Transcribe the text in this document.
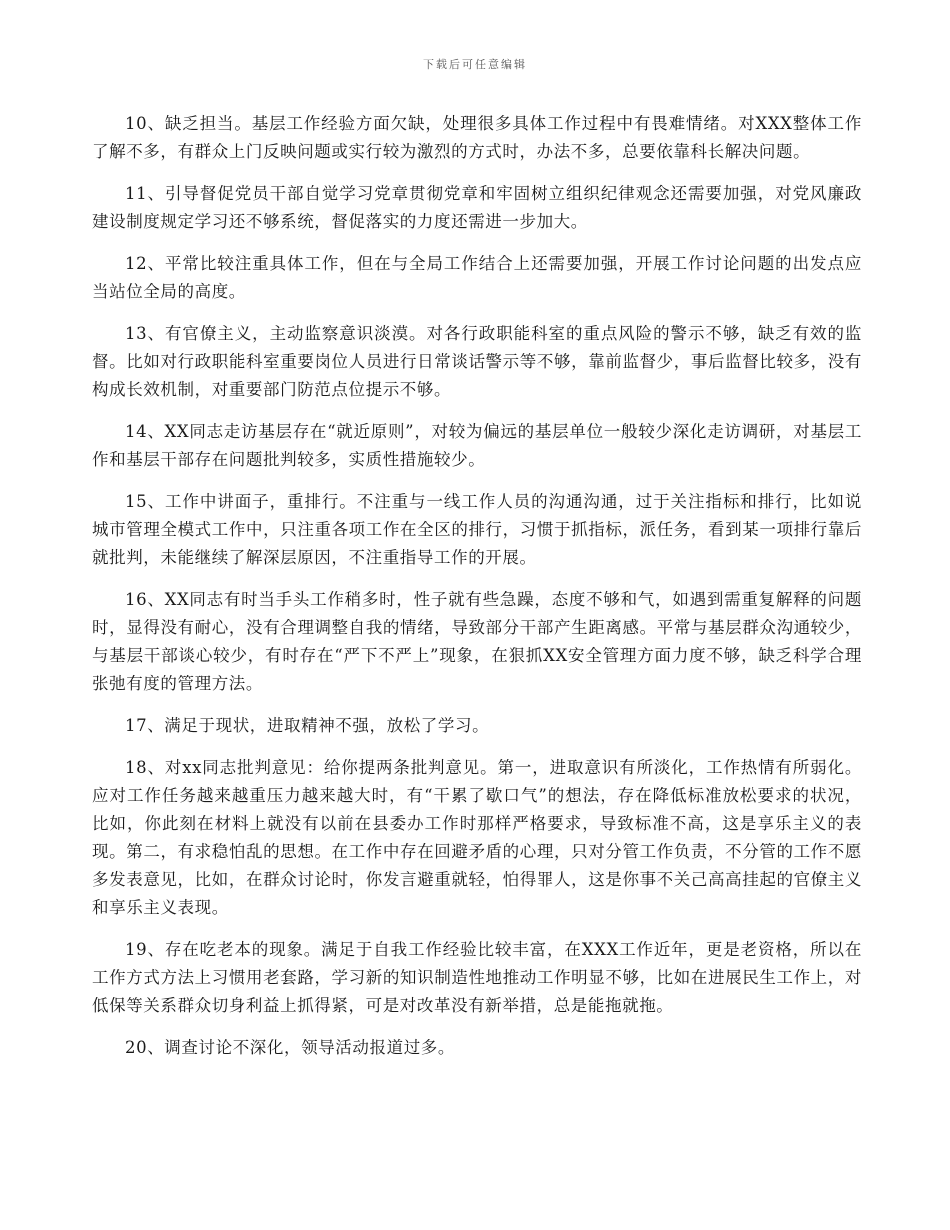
下载后可任意编辑

10、缺乏担当。基层工作经验方面欠缺，处理很多具体工作过程中有畏难情绪。对XXX整体工作了解不多，有群众上门反映问题或实行较为激烈的方式时，办法不多，总要依靠科长解决问题。

11、引导督促党员干部自觉学习党章贯彻党章和牢固树立组织纪律观念还需要加强，对党风廉政建设制度规定学习还不够系统，督促落实的力度还需进一步加大。

12、平常比较注重具体工作，但在与全局工作结合上还需要加强，开展工作讨论问题的出发点应当站位全局的高度。

13、有官僚主义，主动监察意识淡漠。对各行政职能科室的重点风险的警示不够，缺乏有效的监督。比如对行政职能科室重要岗位人员进行日常谈话警示等不够，靠前监督少，事后监督比较多，没有构成长效机制，对重要部门防范点位提示不够。

14、XX同志走访基层存在“就近原则”，对较为偏远的基层单位一般较少深化走访调研，对基层工作和基层干部存在问题批判较多，实质性措施较少。

15、工作中讲面子，重排行。不注重与一线工作人员的沟通沟通，过于关注指标和排行，比如说城市管理全模式工作中，只注重各项工作在全区的排行，习惯于抓指标，派任务，看到某一项排行靠后就批判，未能继续了解深层原因，不注重指导工作的开展。

16、XX同志有时当手头工作稍多时，性子就有些急躁，态度不够和气，如遇到需重复解释的问题时，显得没有耐心，没有合理调整自我的情绪，导致部分干部产生距离感。平常与基层群众沟通较少，与基层干部谈心较少，有时存在“严下不严上”现象，在狠抓XX安全管理方面力度不够，缺乏科学合理张弛有度的管理方法。

17、满足于现状，进取精神不强，放松了学习。

18、对xx同志批判意见：给你提两条批判意见。第一，进取意识有所淡化，工作热情有所弱化。应对工作任务越来越重压力越来越大时，有“干累了歇口气”的想法，存在降低标准放松要求的状况，比如，你此刻在材料上就没有以前在县委办工作时那样严格要求，导致标准不高，这是享乐主义的表现。第二，有求稳怕乱的思想。在工作中存在回避矛盾的心理，只对分管工作负责，不分管的工作不愿多发表意见，比如，在群众讨论时，你发言避重就轻，怕得罪人，这是你事不关己高高挂起的官僚主义和享乐主义表现。

19、存在吃老本的现象。满足于自我工作经验比较丰富，在XXX工作近年，更是老资格，所以在工作方式方法上习惯用老套路，学习新的知识制造性地推动工作明显不够，比如在进展民生工作上，对低保等关系群众切身利益上抓得紧，可是对改革没有新举措，总是能拖就拖。

20、调查讨论不深化，领导活动报道过多。
